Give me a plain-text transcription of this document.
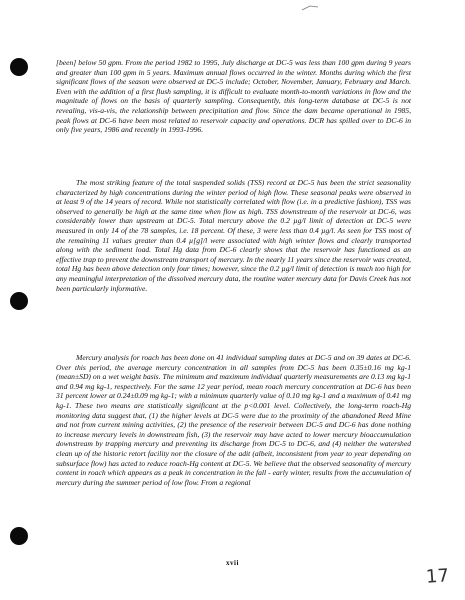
[been] below 50 gpm. From the period 1982 to 1995, July discharge at DC-5 was less than 100 gpm during 9 years and greater than 100 gpm in 5 years. Maximum annual flows occurred in the winter. Months during which the first significant flows of the season were observed at DC-5 include; October, November, January, February and March. Even with the addition of a first flush sampling, it is difficult to evaluate month-to-month variations in flow and the magnitude of flows on the basis of quarterly sampling. Consequently, this long-term database at DC-5 is not revealing, vis-a-vis, the relationship between precipitation and flow. Since the dam became operational in 1985, peak flows at DC-6 have been most related to reservoir capacity and operations. DCR has spilled over to DC-6 in only five years, 1986 and recently in 1993-1996.

The most striking feature of the total suspended solids (TSS) record at DC-5 has been the strict seasonality characterized by high concentrations during the winter period of high flow. These seasonal peaks were observed in at least 9 of the 14 years of record. While not statistically correlated with flow (i.e. in a predictive fashion), TSS was observed to generally be high at the same time when flow as high. TSS downstream of the reservoir at DC-6, was considerably lower than upstream at DC-5. Total mercury above the 0.2 µg/l limit of detection at DC-5 were measured in only 14 of the 78 samples, i.e. 18 percent. Of these, 3 were less than 0.4 µg/l. As seen for TSS most of the remaining 11 values greater than 0.4 µ[g]/l were associated with high winter flows and clearly transported along with the sediment load. Total Hg data from DC-6 clearly shows that the reservoir has functioned as an effective trap to prevent the downstream transport of mercury. In the nearly 11 years since the reservoir was created, total Hg has been above detection only four times; however, since the 0.2 µg/l limit of detection is much too high for any meaningful interpretation of the dissolved mercury data, the routine water mercury data for Davis Creek has not been particularly informative.

Mercury analysis for roach has been done on 41 individual sampling dates at DC-5 and on 39 dates at DC-6. Over this period, the average mercury concentration in all samples from DC-5 has been 0.35±0.16 mg kg-1 (mean±SD) on a wet weight basis. The minimum and maximum individual quarterly measurements are 0.13 mg kg-1 and 0.94 mg kg-1, respectively. For the same 12 year period, mean roach mercury concentration at DC-6 has been 31 percent lower at 0.24±0.09 mg kg-1; with a minimum quarterly value of 0.10 mg kg-1 and a maximum of 0.41 mg kg-1. These two means are statistically significant at the p<0.001 level. Collectively, the long-term roach-Hg monitoring data suggest that, (1) the higher levels at DC-5 were due to the proximity of the abandoned Reed Mine and not from current mining activities, (2) the presence of the reservoir between DC-5 and DC-6 has done nothing to increase mercury levels in downstream fish, (3) the reservoir may have acted to lower mercury bioaccumulation downstream by trapping mercury and preventing its discharge from DC-5 to DC-6, and (4) neither the watershed clean up of the historic retort facility nor the closure of the adit (albeit, inconsistent from year to year depending on subsurface flow) has acted to reduce roach-Hg content at DC-5. We believe that the observed seasonality of mercury content in roach which appears as a peak in concentration in the fall - early winter, results from the accumulation of mercury during the summer period of low flow. From a regional

xvii
17
